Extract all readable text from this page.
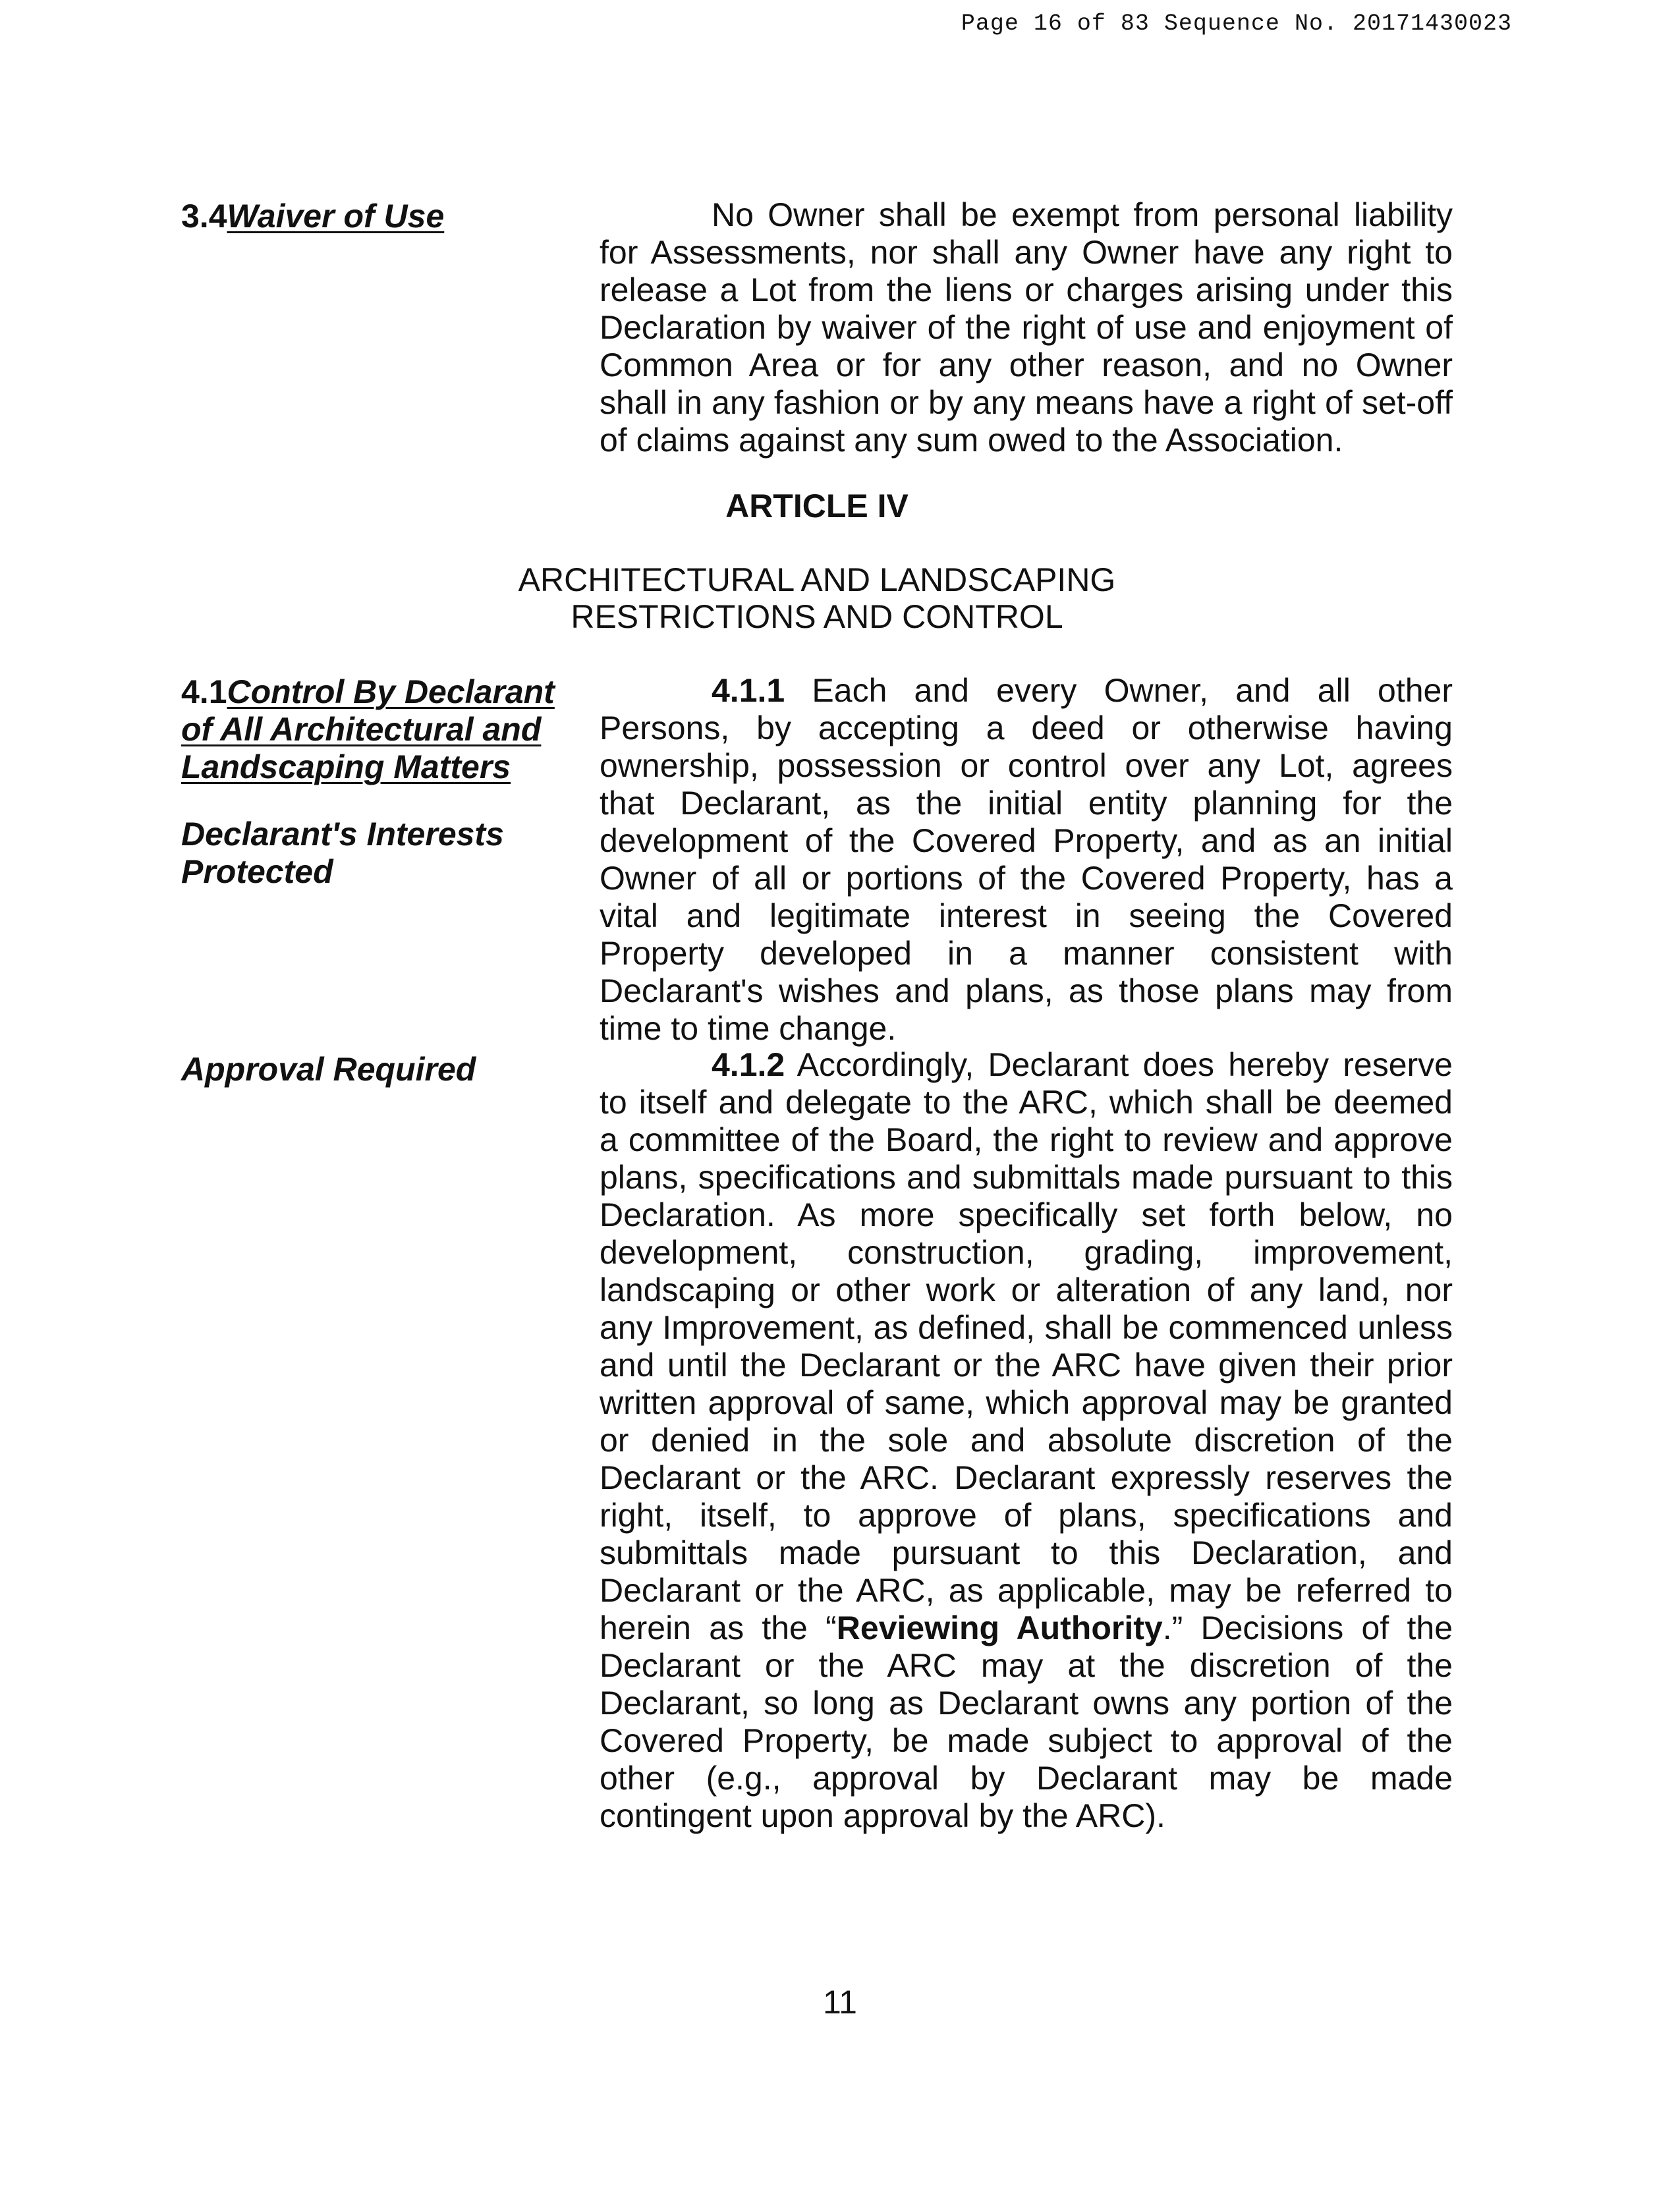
Page 16 of 83 Sequence No. 20171430023
3.4Waiver of Use	No Owner shall be exempt from personal liability for Assessments, nor shall any Owner have any right to release a Lot from the liens or charges arising under this Declaration by waiver of the right of use and enjoyment of Common Area or for any other reason, and no Owner shall in any fashion or by any means have a right of set-off of claims against any sum owed to the Association.
ARTICLE IV
ARCHITECTURAL AND LANDSCAPING
RESTRICTIONS AND CONTROL
4.1Control By Declarant
of All Architectural and
Landscaping Matters
Declarant's Interests
Protected
4.1.1 Each and every Owner, and all other Persons, by accepting a deed or otherwise having ownership, possession or control over any Lot, agrees that Declarant, as the initial entity planning for the development of the Covered Property, and as an initial Owner of all or portions of the Covered Property, has a vital and legitimate interest in seeing the Covered Property developed in a manner consistent with Declarant's wishes and plans, as those plans may from time to time change.
Approval Required	4.1.2 Accordingly, Declarant does hereby reserve to itself and delegate to the ARC, which shall be deemed a committee of the Board, the right to review and approve plans, specifications and submittals made pursuant to this Declaration. As more specifically set forth below, no development, construction, grading, improvement, landscaping or other work or alteration of any land, nor any Improvement, as defined, shall be commenced unless and until the Declarant or the ARC have given their prior written approval of same, which approval may be granted or denied in the sole and absolute discretion of the Declarant or the ARC. Declarant expressly reserves the right, itself, to approve of plans, specifications and submittals made pursuant to this Declaration, and Declarant or the ARC, as applicable, may be referred to herein as the “Reviewing Authority.” Decisions of the Declarant or the ARC may at the discretion of the Declarant, so long as Declarant owns any portion of the Covered Property, be made subject to approval of the other (e.g., approval by Declarant may be made contingent upon approval by the ARC).
11
